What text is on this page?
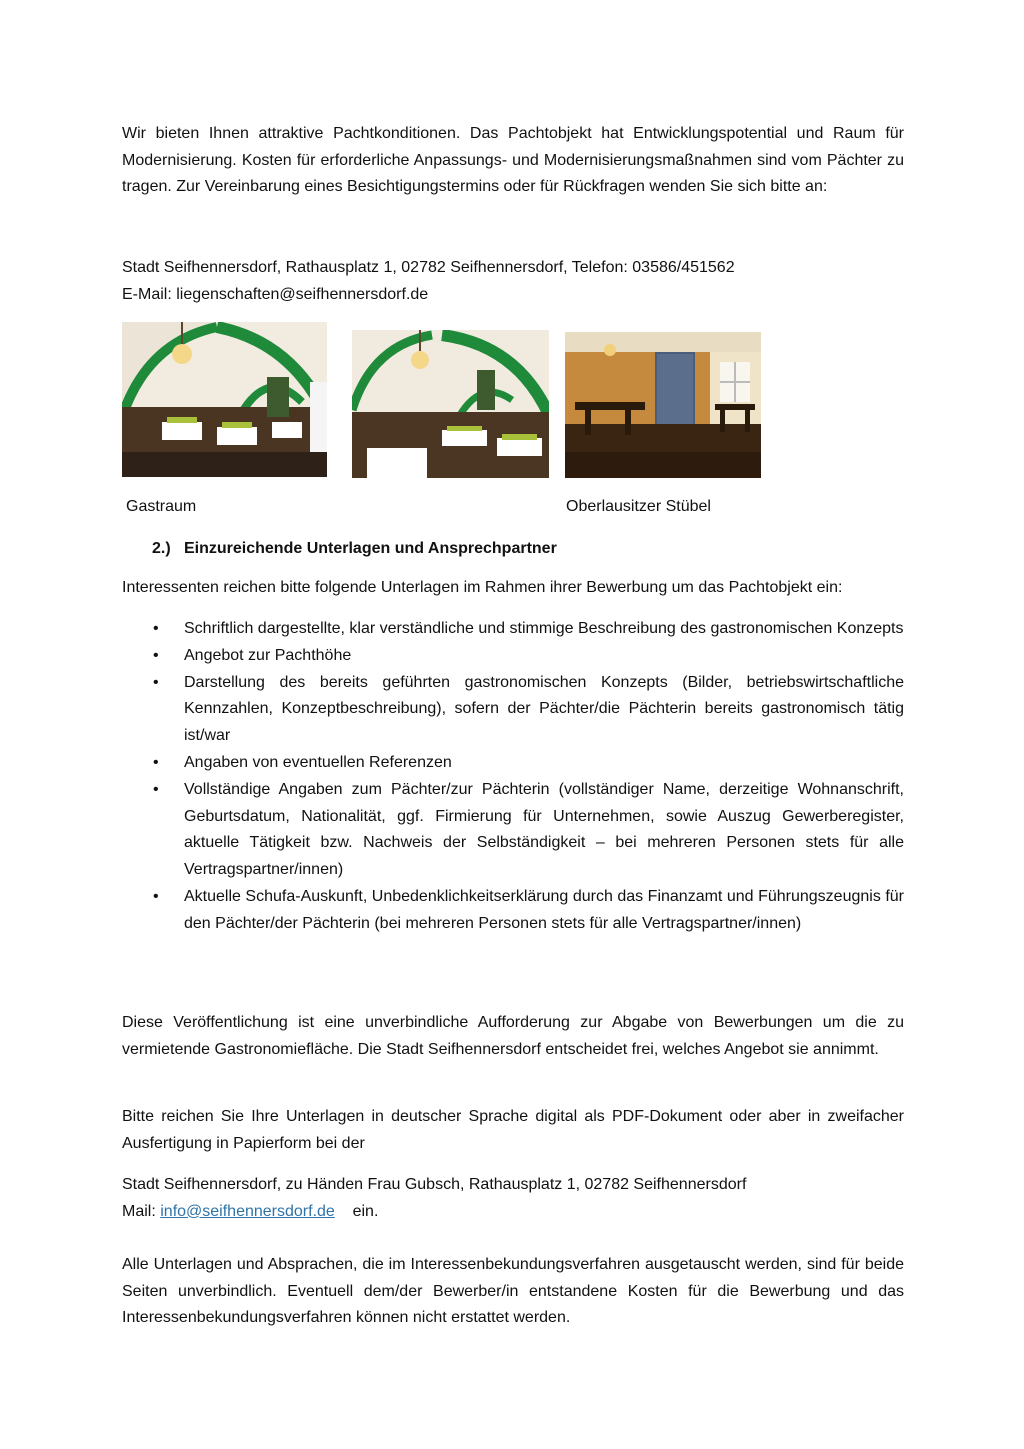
Wir bieten Ihnen attraktive Pachtkonditionen. Das Pachtobjekt hat Entwicklungspotential und Raum für Modernisierung. Kosten für erforderliche Anpassungs- und Modernisierungsmaßnahmen sind vom Pächter zu tragen. Zur Vereinbarung eines Besichtigungstermins oder für Rückfragen wenden Sie sich bitte an:

Stadt Seifhennersdorf, Rathausplatz 1, 02782 Seifhennersdorf, Telefon: 03586/451562

E-Mail: liegenschaften@seifhennersdorf.de

Gastraum	Oberlausitzer Stübel
2.) Einzureichende Unterlagen und Ansprechpartner

Interessenten reichen bitte folgende Unterlagen im Rahmen ihrer Bewerbung um das Pachtobjekt ein:

• Schriftlich dargestellte, klar verständliche und stimmige Beschreibung des gastronomischen Konzepts
• Angebot zur Pachthöhe
• Darstellung des bereits geführten gastronomischen Konzepts (Bilder, betriebswirtschaftliche Kennzahlen, Konzeptbeschreibung), sofern der Pächter/die Pächterin bereits gastronomisch tätig ist/war
• Angaben von eventuellen Referenzen
• Vollständige Angaben zum Pächter/zur Pächterin (vollständiger Name, derzeitige Wohnanschrift, Geburtsdatum, Nationalität, ggf. Firmierung für Unternehmen, sowie Auszug Gewerberegister, aktuelle Tätigkeit bzw. Nachweis der Selbständigkeit – bei mehreren Personen stets für alle Vertragspartner/innen)
• Aktuelle Schufa-Auskunft, Unbedenklichkeitserklärung durch das Finanzamt und Führungszeugnis für den Pächter/der Pächterin (bei mehreren Personen stets für alle Vertragspartner/innen)

Diese Veröffentlichung ist eine unverbindliche Aufforderung zur Abgabe von Bewerbungen um die zu vermietende Gastronomiefläche. Die Stadt Seifhennersdorf entscheidet frei, welches Angebot sie annimmt.

Bitte reichen Sie Ihre Unterlagen in deutscher Sprache digital als PDF-Dokument oder aber in zweifacher Ausfertigung in Papierform bei der

Stadt Seifhennersdorf, zu Händen Frau Gubsch, Rathausplatz 1, 02782 Seifhennersdorf

Mail: info@seifhennersdorf.de ein.

Alle Unterlagen und Absprachen, die im Interessenbekundungsverfahren ausgetauscht werden, sind für beide Seiten unverbindlich. Eventuell dem/der Bewerber/in entstandene Kosten für die Bewerbung und das Interessenbekundungsverfahren können nicht erstattet werden.
